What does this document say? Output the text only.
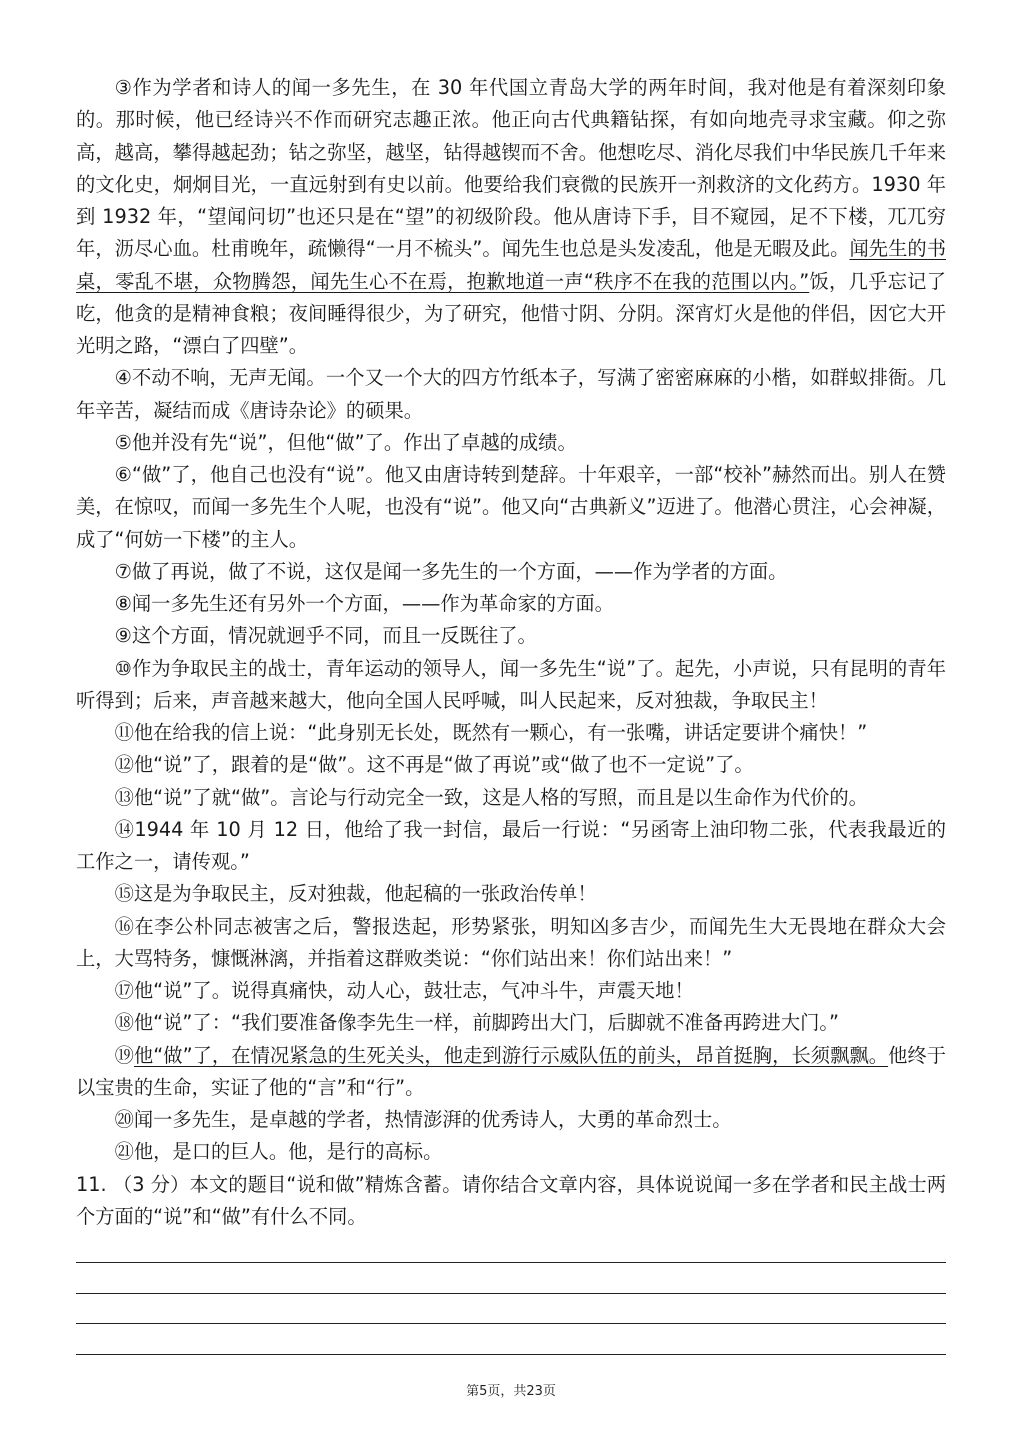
③作为学者和诗人的闻一多先生，在 30 年代国立青岛大学的两年时间，我对他是有着深刻印象的。那时候，他已经诗兴不作而研究志趣正浓。他正向古代典籍钻探，有如向地壳寻求宝藏。仰之弥高，越高，攀得越起劲；钻之弥坚，越坚，钻得越锲而不舍。他想吃尽、消化尽我们中华民族几千年来的文化史，炯炯目光，一直远射到有史以前。他要给我们衰微的民族开一剂救济的文化药方。1930 年到 1932 年，“望闻问切”也还只是在“望”的初级阶段。他从唐诗下手，目不窥园，足不下楼，兀兀穷年，沥尽心血。杜甫晚年，疏懒得“一月不梳头”。闻先生也总是头发凌乱，他是无暇及此。闻先生的书桌，零乱不堪，众物腾怨，闻先生心不在焉，抱歉地道一声“秩序不在我的范围以内。”饭，几乎忘记了吃，他贪的是精神食粮；夜间睡得很少，为了研究，他惜寸阴、分阴。深宵灯火是他的伴侣，因它大开光明之路，“漂白了四壁”。

④不动不响，无声无闻。一个又一个大的四方竹纸本子，写满了密密麻麻的小楷，如群蚁排衙。几年辛苦，凝结而成《唐诗杂论》的硕果。

⑤他并没有先“说”，但他“做”了。作出了卓越的成绩。

⑥“做”了，他自己也没有“说”。他又由唐诗转到楚辞。十年艰辛，一部“校补”赫然而出。别人在赞美，在惊叹，而闻一多先生个人呢，也没有“说”。他又向“古典新义”迈进了。他潜心贯注，心会神凝，成了“何妨一下楼”的主人。

⑦做了再说，做了不说，这仅是闻一多先生的一个方面，——作为学者的方面。

⑧闻一多先生还有另外一个方面，——作为革命家的方面。

⑨这个方面，情况就迥乎不同，而且一反既往了。

⑩作为争取民主的战士，青年运动的领导人，闻一多先生“说”了。起先，小声说，只有昆明的青年听得到；后来，声音越来越大，他向全国人民呼喊，叫人民起来，反对独裁，争取民主！

⑪他在给我的信上说：“此身别无长处，既然有一颗心，有一张嘴，讲话定要讲个痛快！”

⑫他“说”了，跟着的是“做”。这不再是“做了再说”或“做了也不一定说”了。

⑬他“说”了就“做”。言论与行动完全一致，这是人格的写照，而且是以生命作为代价的。

⑭1944 年 10 月 12 日，他给了我一封信，最后一行说：“另函寄上油印物二张，代表我最近的工作之一，请传观。”

⑮这是为争取民主，反对独裁，他起稿的一张政治传单！

⑯在李公朴同志被害之后，警报迭起，形势紧张，明知凶多吉少，而闻先生大无畏地在群众大会上，大骂特务，慷慨淋漓，并指着这群败类说：“你们站出来！你们站出来！”

⑰他“说”了。说得真痛快，动人心，鼓壮志，气冲斗牛，声震天地！

⑱他“说”了：“我们要准备像李先生一样，前脚跨出大门，后脚就不准备再跨进大门。”

⑲他“做”了，在情况紧急的生死关头，他走到游行示威队伍的前头，昂首挺胸，长须飘飘。他终于以宝贵的生命，实证了他的“言”和“行”。

⑳闻一多先生，是卓越的学者，热情澎湃的优秀诗人，大勇的革命烈士。

㉑他，是口的巨人。他，是行的高标。

11. （3 分）本文的题目“说和做”精炼含蓄。请你结合文章内容，具体说说闻一多在学者和民主战士两个方面的“说”和“做”有什么不同。

第5页，共23页
